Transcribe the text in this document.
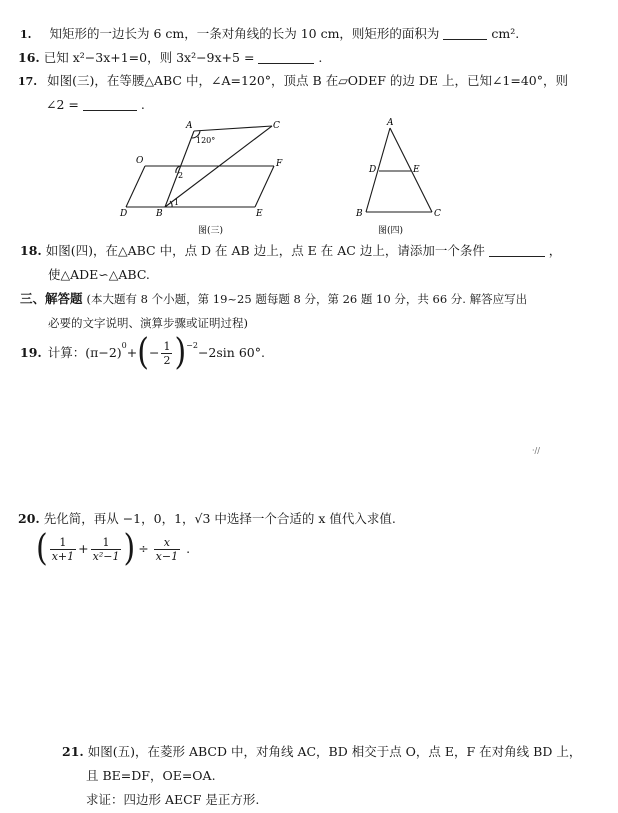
1. 知矩形的一边长为 6 cm，一条对角线的长为 10 cm，则矩形的面积为	cm².
16. 已知 x²−3x+1=0，则 3x²−9x+5 =	.
17. 如图(三)，在等腰△ABC 中，∠A=120°，顶点 B 在▱ODEF 的边 DE 上，已知∠1=40°，则
∠2 =	.
A	C
O	F
D	B	E
120°
1
2
图(三)
A
D	E
B	C
图(四)
18. 如图(四)，在△ABC 中，点 D 在 AB 边上，点 E 在 AC 边上，请添加一个条件	，
使△ADE∽△ABC.
三、解答题 (本大题有 8 个小题，第 19~25 题每题 8 分，第 26 题 10 分，共 66 分. 解答应写出
必要的文字说明、演算步骤或证明过程)
19. 计算：$(\pi-2)^0$ + ( − $\frac{1}{2} )^{-2} -2\sin$ 60°.
·//
20. 先化简，再从 −1，0，1，√3 中选择一个合适的 x 值代入求值.
( $\frac{1}{x+1} + \frac{1}{\text{x²−1}}$ ) ÷ $\frac{x}{x-1}$ .
21. 如图(五)，在菱形 ABCD 中，对角线 AC，BD 相交于点 O，点 E，F 在对角线 BD 上，
且 BE=DF，OE=OA.
求证：四边形 AECF 是正方形.
